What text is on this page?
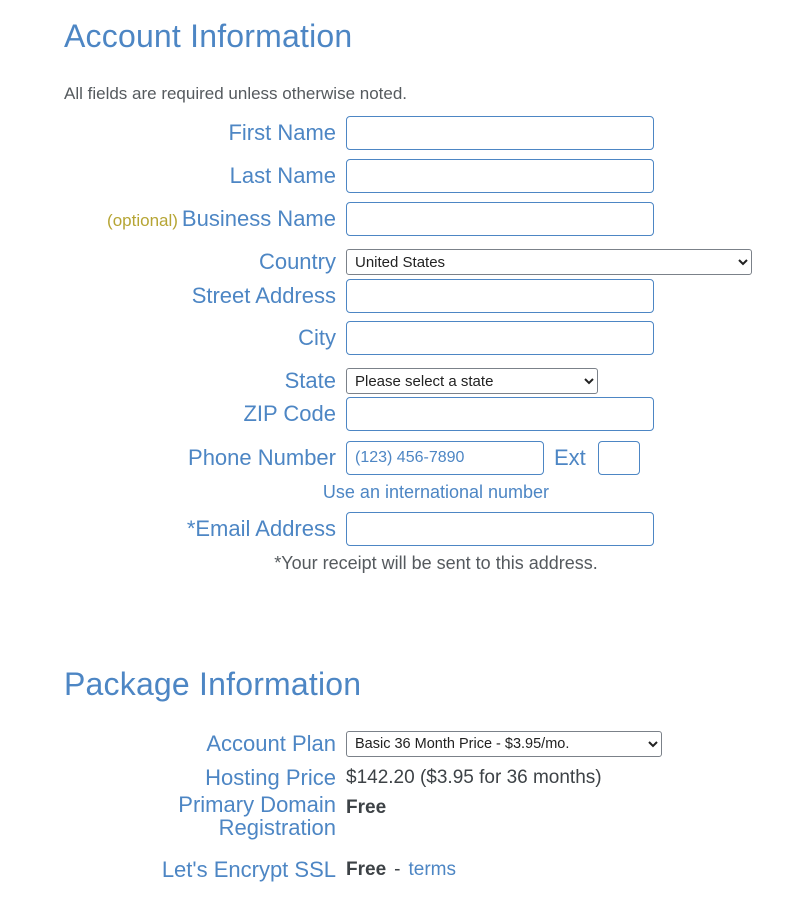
Account Information
All fields are required unless otherwise noted.
First Name
Last Name
(optional) Business Name
Country
United States
Street Address
City
State
Please select a state
ZIP Code
Phone Number
(123) 456-7890	Ext
Use an international number
*Email Address
*Your receipt will be sent to this address.
Package Information
Account Plan
Basic 36 Month Price - $3.95/mo.
Hosting Price $142.20 ($3.95 for 36 months)
Primary Domain
Registration
Free
Let's Encrypt SSL Free - terms
